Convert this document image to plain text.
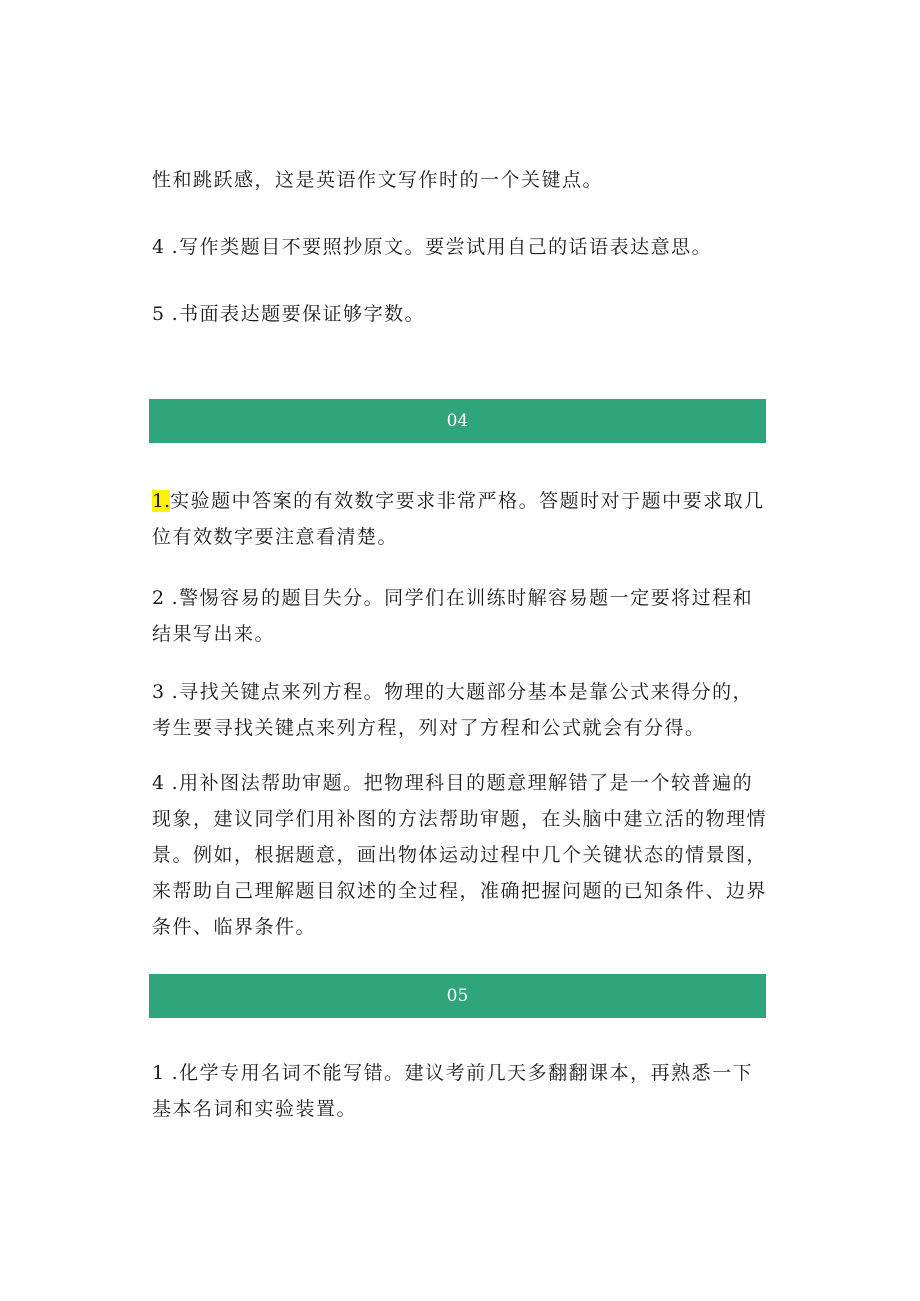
性和跳跃感，这是英语作文写作时的一个关键点。

4 .写作类题目不要照抄原文。要尝试用自己的话语表达意思。

5 .书面表达题要保证够字数。

04

1.实验题中答案的有效数字要求非常严格。答题时对于题中要求取几位有效数字要注意看清楚。

2 .警惕容易的题目失分。同学们在训练时解容易题一定要将过程和结果写出来。

3 .寻找关键点来列方程。物理的大题部分基本是靠公式来得分的，考生要寻找关键点来列方程，列对了方程和公式就会有分得。

4 .用补图法帮助审题。把物理科目的题意理解错了是一个较普遍的现象，建议同学们用补图的方法帮助审题，在头脑中建立活的物理情景。例如，根据题意，画出物体运动过程中几个关键状态的情景图，来帮助自己理解题目叙述的全过程，准确把握问题的已知条件、边界条件、临界条件。

05

1 .化学专用名词不能写错。建议考前几天多翻翻课本，再熟悉一下基本名词和实验装置。
